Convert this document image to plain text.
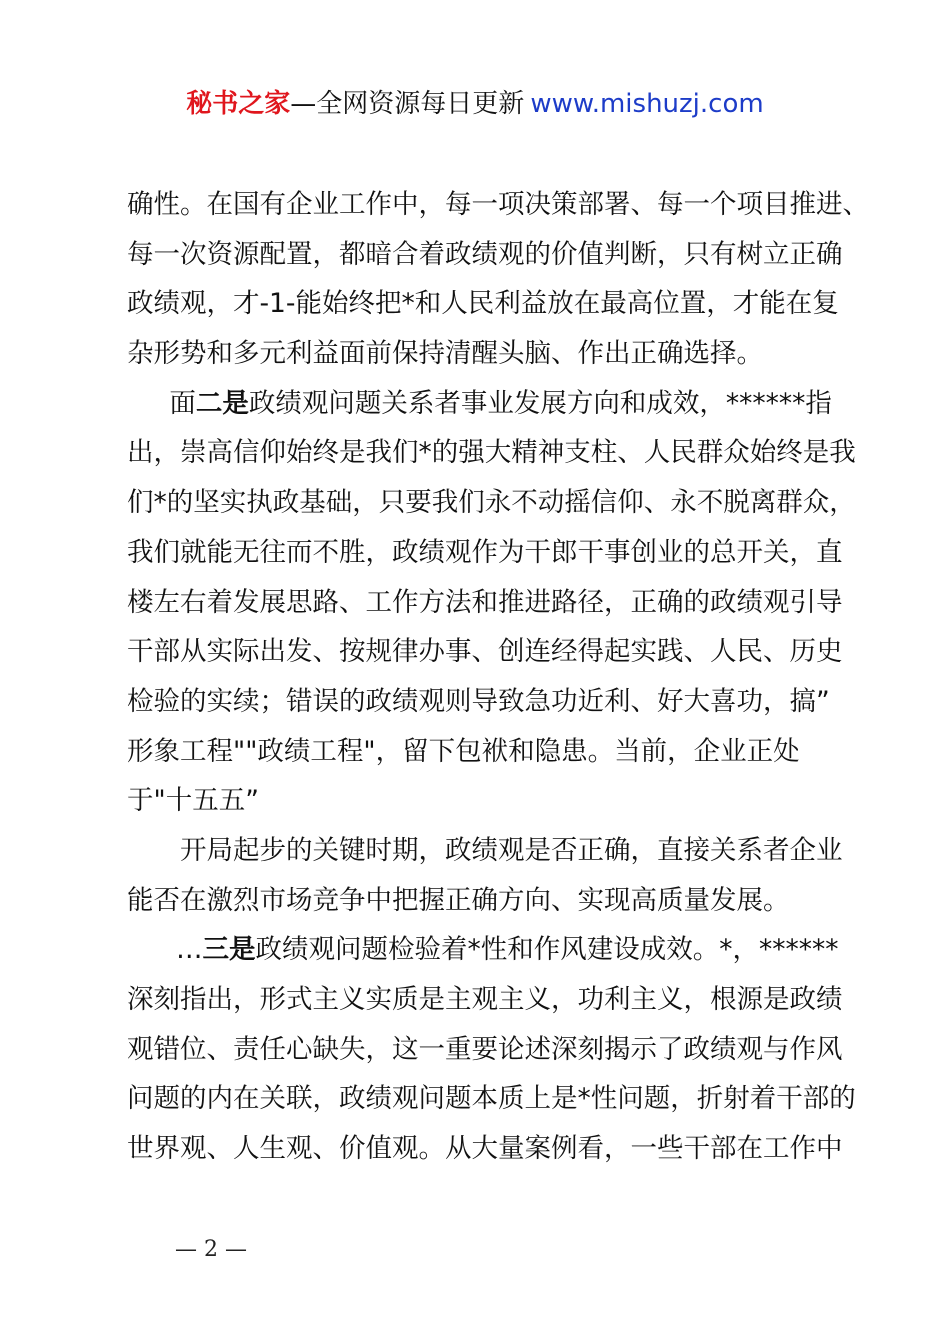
秘书之家—全网资源每日更新 www.mishuzj.com
确性。在国有企业工作中，每一项决策部署、每一个项目推进、
每一次资源配置，都暗合着政绩观的价值判断，只有树立正确
政绩观，才-1-能始终把*和人民利益放在最高位置，才能在复
杂形势和多元利益面前保持清醒头脑、作出正确选择。
面二是政绩观问题关系者事业发展方向和成效，******指
出，崇高信仰始终是我们*的强大精神支柱、人民群众始终是我
们*的坚实执政基础，只要我们永不动摇信仰、永不脱离群众，
我们就能无往而不胜，政绩观作为干郎干事创业的总开关，直
楼左右着发展思路、工作方法和推进路径，正确的政绩观引导
干部从实际出发、按规律办事、创连经得起实践、人民、历史
检验的实续；错误的政绩观则导致急功近利、好大喜功，搞”
形象工程""政绩工程"，留下包袱和隐患。当前，企业正处
于"十五五”
开局起步的关键时期，政绩观是否正确，直接关系者企业
能否在激烈市场竞争中把握正确方向、实现高质量发展。
…三是政绩观问题检验着*性和作风建设成效。*，******
深刻指出，形式主义实质是主观主义，功利主义，根源是政绩
观错位、责任心缺失，这一重要论述深刻揭示了政绩观与作风
问题的内在关联，政绩观问题本质上是*性问题，折射着干部的
世界观、人生观、价值观。从大量案例看，一些干部在工作中
— 2 —
